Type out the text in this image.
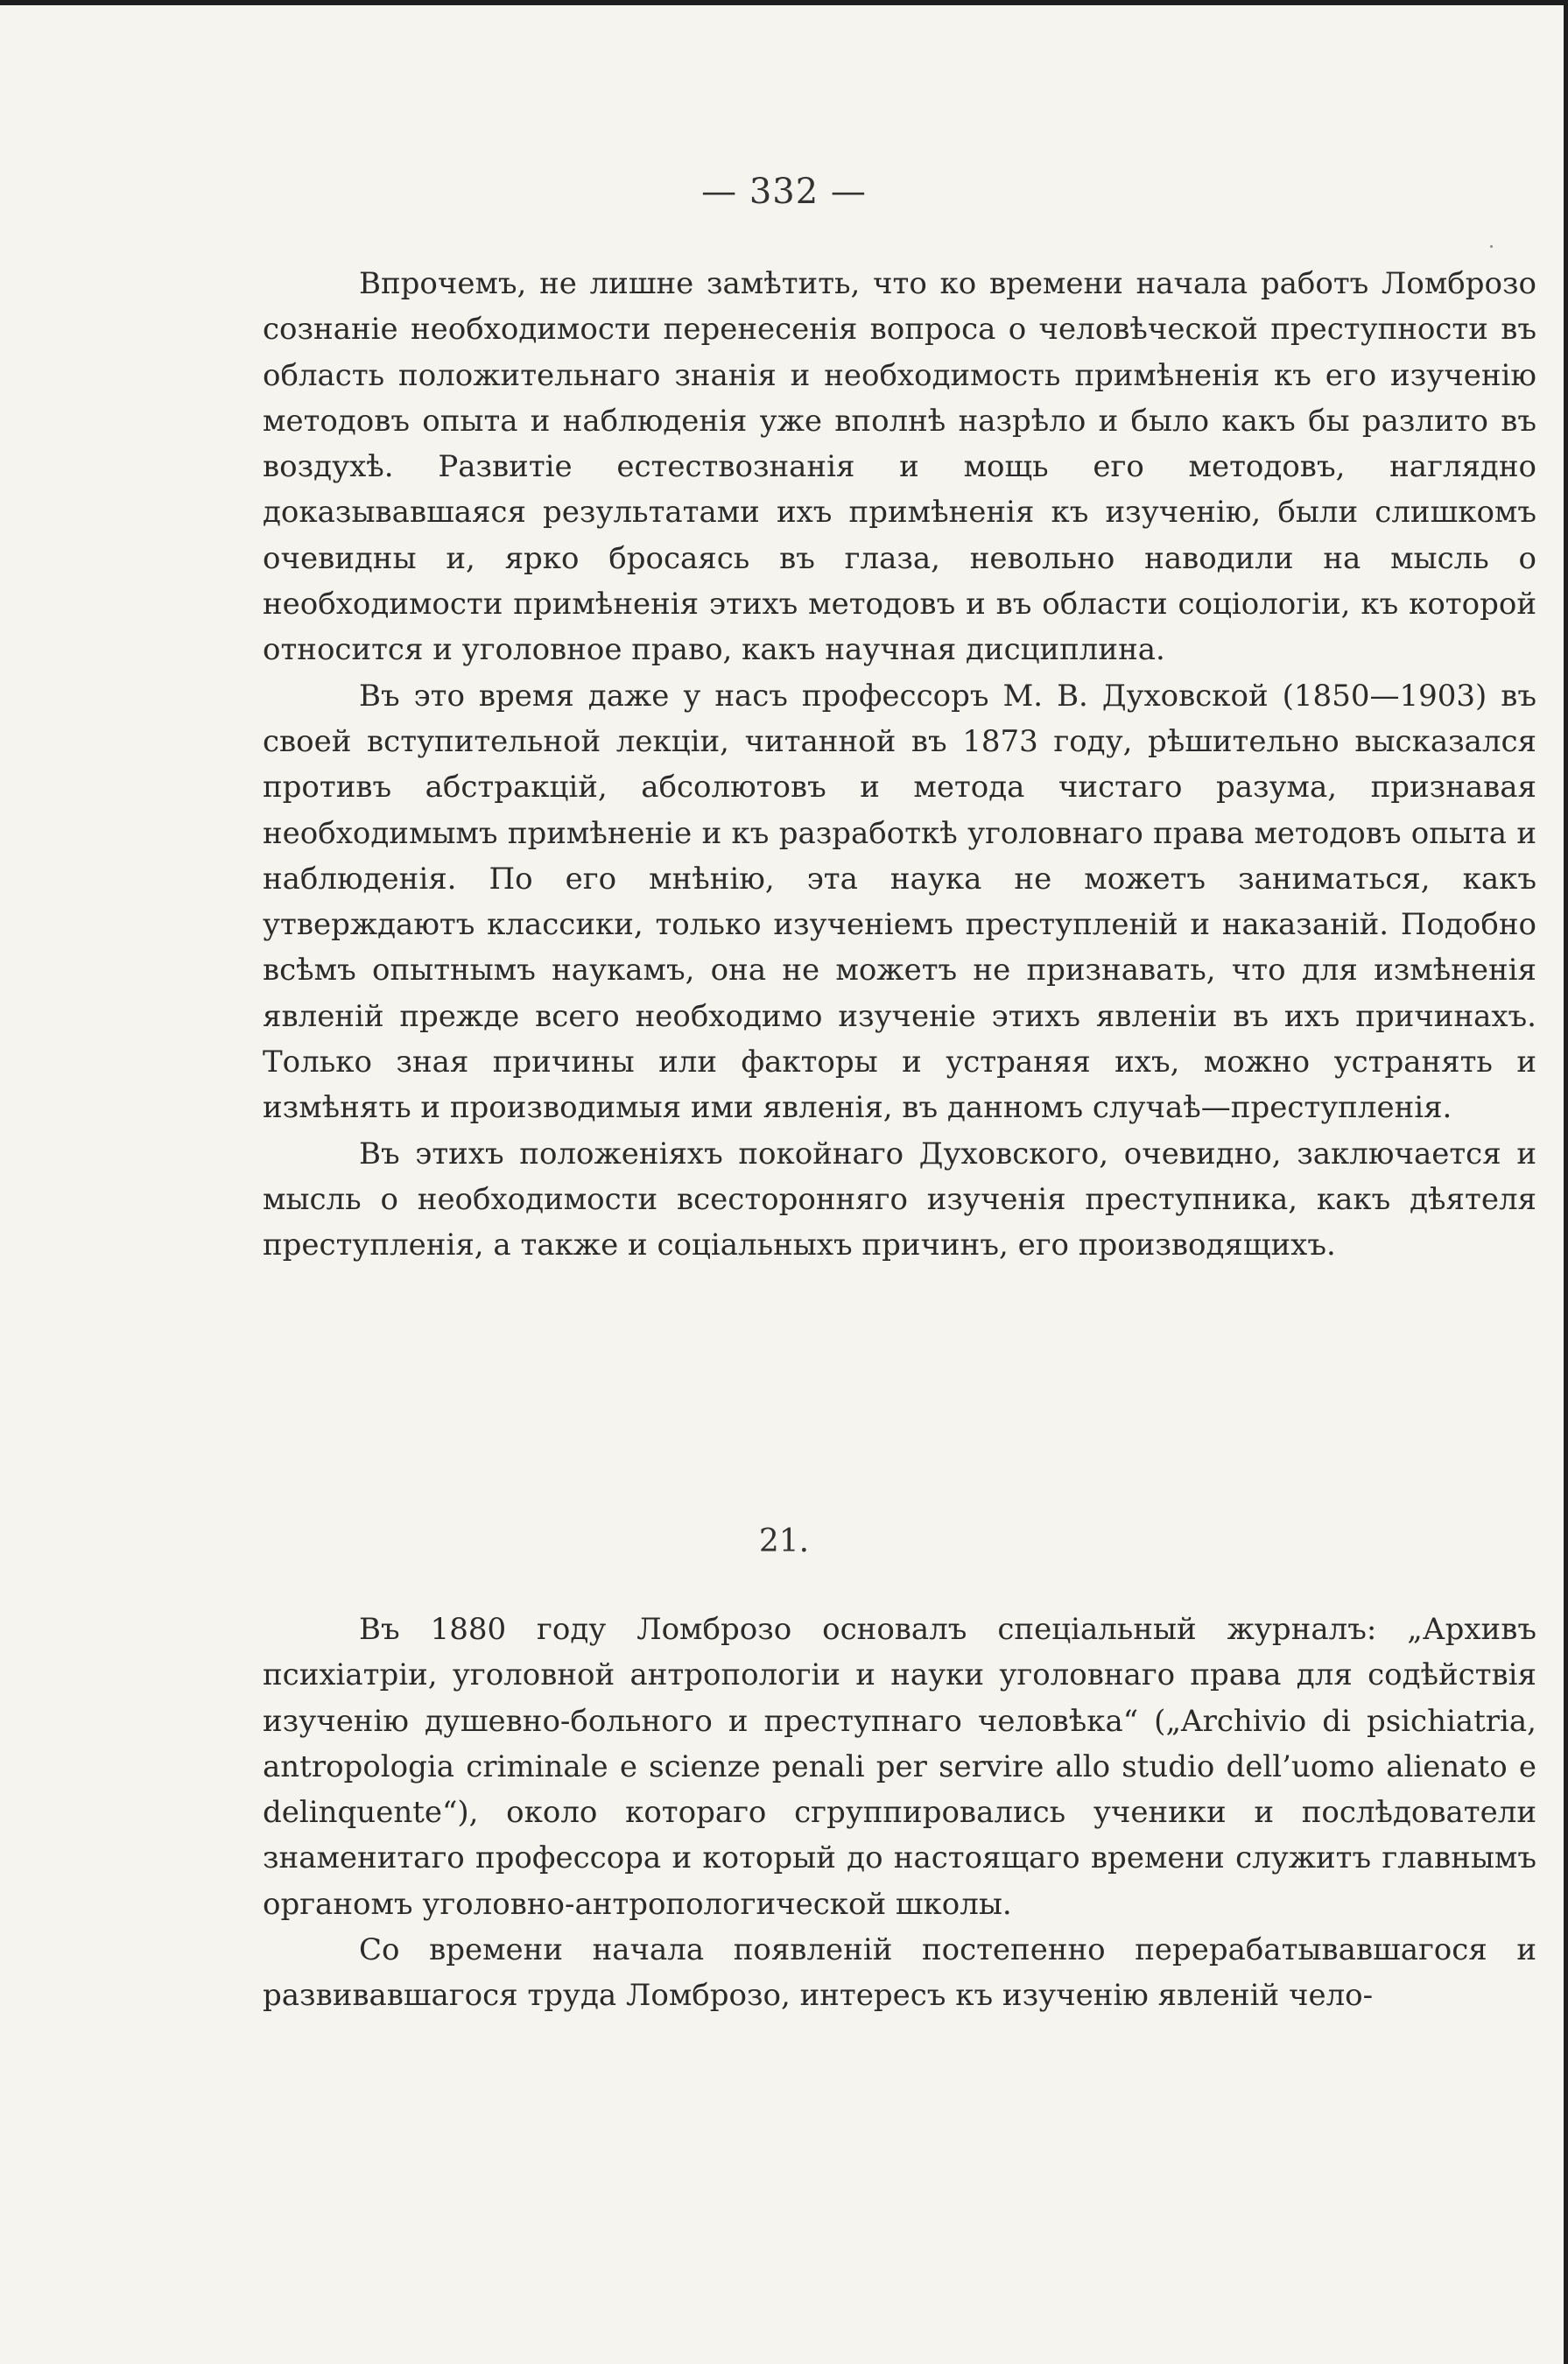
— 332 —

Впрочемъ, не лишне замѣтить, что ко времени начала работъ Ломброзо сознаніе необходимости перенесенія вопроса о человѣческой преступности въ область положительнаго знанія и необходимость примѣненія къ его изученію методовъ опыта и наблюденія уже вполнѣ назрѣло и было какъ бы разлито въ воздухѣ. Развитіе естествознанія и мощь его методовъ, наглядно доказывавшаяся результатами ихъ примѣненія къ изученію, были слишкомъ очевидны и, ярко бросаясь въ глаза, невольно наводили на мысль о необходимости примѣненія этихъ методовъ и въ области соціологіи, къ которой относится и уголовное право, какъ научная дисциплина.

Въ это время даже у насъ профессоръ М. В. Духовской (1850—1903) въ своей вступительной лекціи, читанной въ 1873 году, рѣшительно высказался противъ абстракцій, абсолютовъ и метода чистаго разума, признавая необходимымъ примѣненіе и къ разработкѣ уголовнаго права методовъ опыта и наблюденія. По его мнѣнію, эта наука не можетъ заниматься, какъ утверждаютъ классики, только изученіемъ преступленій и наказаній. Подобно всѣмъ опытнымъ наукамъ, она не можетъ не признавать, что для измѣненія явленій прежде всего необходимо изученіе этихъ явленіи въ ихъ причинахъ. Только зная причины или факторы и устраняя ихъ, можно устранять и измѣнять и производимыя ими явленія, въ данномъ случаѣ—преступленія.

Въ этихъ положеніяхъ покойнаго Духовского, очевидно, заключается и мысль о необходимости всесторонняго изученія преступника, какъ дѣятеля преступленія, а также и соціальныхъ причинъ, его производящихъ.

21.

Въ 1880 году Ломброзо основалъ спеціальный журналъ: „Архивъ психіатріи, уголовной антропологіи и науки уголовнаго права для содѣйствія изученію душевно-больного и преступнаго человѣка“ („Archivio di psichiatria, antropologia criminale e scienze penali per servire allo studio dell’uomo alienato e delinquente“), около котораго сгруппировались ученики и послѣдователи знаменитаго профессора и который до настоящаго времени служитъ главнымъ органомъ уголовно-антропологической школы.

Со времени начала появленій постепенно перерабатывавшагося и развивавшагося труда Ломброзо, интересъ къ изученію явленій чело-
